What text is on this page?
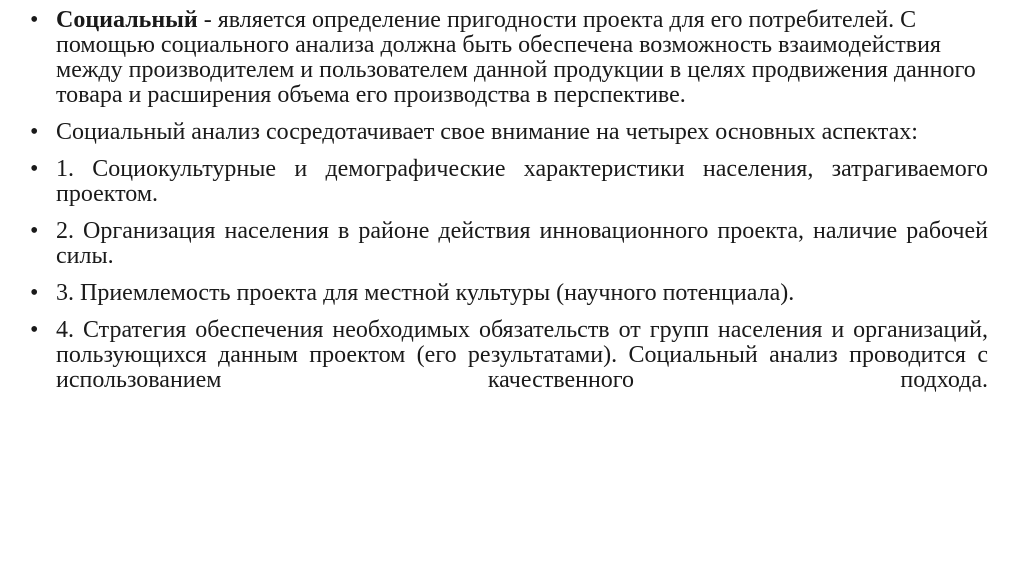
• Социальный - является определение пригодности проекта для его потребителей. С помощью социального анализа должна быть обеспечена возможность взаимодействия между производителем и пользователем данной продукции в целях продвижения данного товара и расширения объема его производства в перспективе.
• Социальный анализ сосредотачивает свое внимание на четырех основных аспектах:
• 1. Социокультурные и демографические характеристики населения, затрагиваемого проектом.
• 2. Организация населения в районе действия инновационного проекта, наличие рабочей силы.
• 3. Приемлемость проекта для местной культуры (научного потенциала).
• 4. Стратегия обеспечения необходимых обязательств от групп населения и организаций, пользующихся данным проектом (его результатами). Социальный анализ проводится с использованием качественного подхода.
